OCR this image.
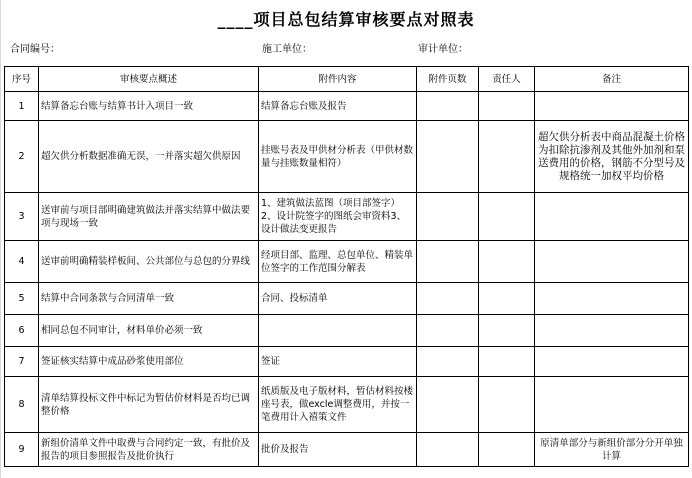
____项目总包结算审核要点对照表
合同编号：	施工单位：	审计单位：
序号	审核要点概述	附件内容	附件页数	责任人	备注
1	结算备忘台账与结算书计入项目一致	结算备忘台账及报告			
2	超欠供分析数据准确无误，一并落实超欠供原因	挂账号表及甲供材分析表（甲供材数量与挂账数量相符）			超欠供分析表中商品混凝土价格为扣除抗渗剂及其他外加剂和泵送费用的价格，钢筋不分型号及规格统一加权平均价格
3	送审前与项目部明确建筑做法并落实结算中做法要项与现场一致	1、建筑做法蓝图（项目部签字）2、设计院签字的图纸会审资料3、设计做法变更报告			
4	送审前明确精装样板间、公共部位与总包的分界线	经项目部、监理、总包单位、精装单位签字的工作范围分解表			
5	结算中合同条款与合同清单一致	合同、投标清单			
6	相同总包不同审计，材料单价必须一致				
7	签证核实结算中成品砂浆使用部位	签证			
8	清单结算投标文件中标记为暂估价材料是否均已调整价格	纸质版及电子版材料，暂估材料按楼座号表，做excle调整费用，并按一笔费用计入禧策文件			
9	新组价清单文件中取费与合同约定一致，有批价及报告的项目参照报告及批价执行	批价及报告			原清单部分与新组价部分分开单独计算
